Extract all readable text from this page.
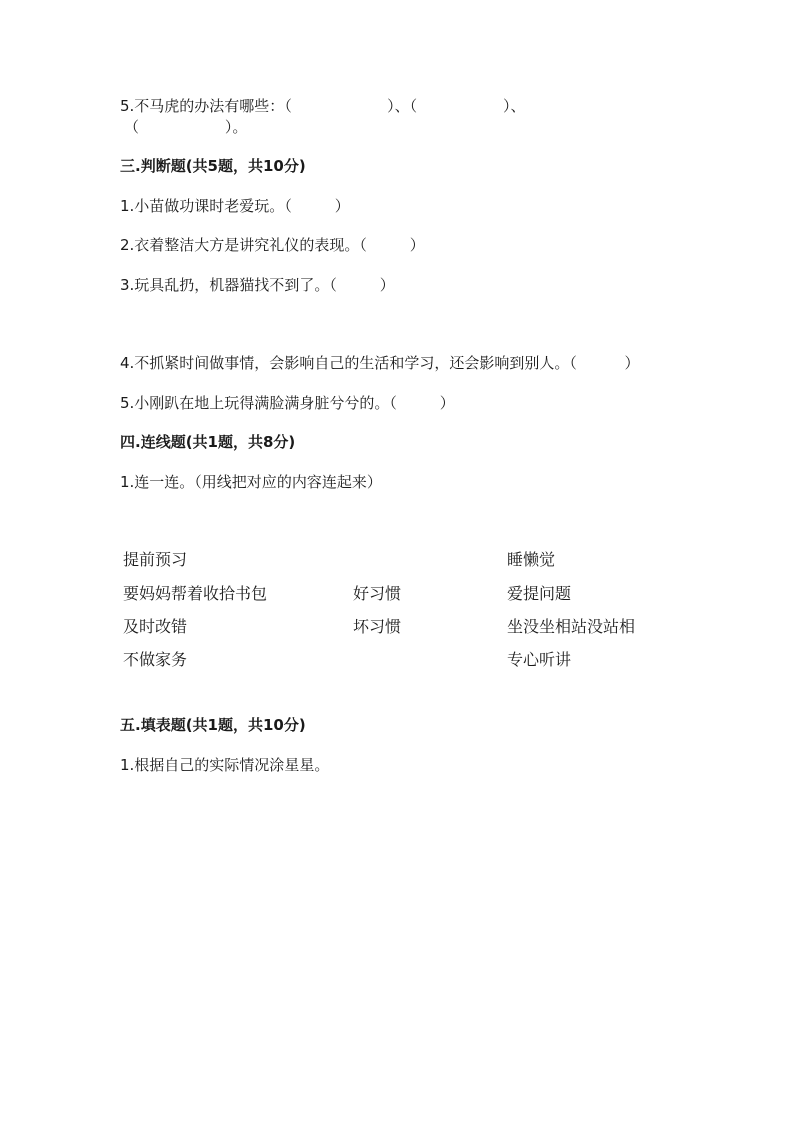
5.不马虎的办法有哪些：（                    ）、（                  ）、
（                  ）。
三.判断题(共5题，共10分)
1.小苗做功课时老爱玩。（         ）
2.衣着整洁大方是讲究礼仪的表现。（         ）
3.玩具乱扔，机器猫找不到了。（         ）
4.不抓紧时间做事情，会影响自己的生活和学习，还会影响到别人。（          ）
5.小刚趴在地上玩得满脸满身脏兮兮的。（         ）
四.连线题(共1题，共8分)
1.连一连。（用线把对应的内容连起来）
提前预习
要妈妈帮着收拾书包
及时改错
不做家务
好习惯
坏习惯
睡懒觉
爱提问题
坐没坐相站没站相
专心听讲
五.填表题(共1题，共10分)
1.根据自己的实际情况涂星星。
